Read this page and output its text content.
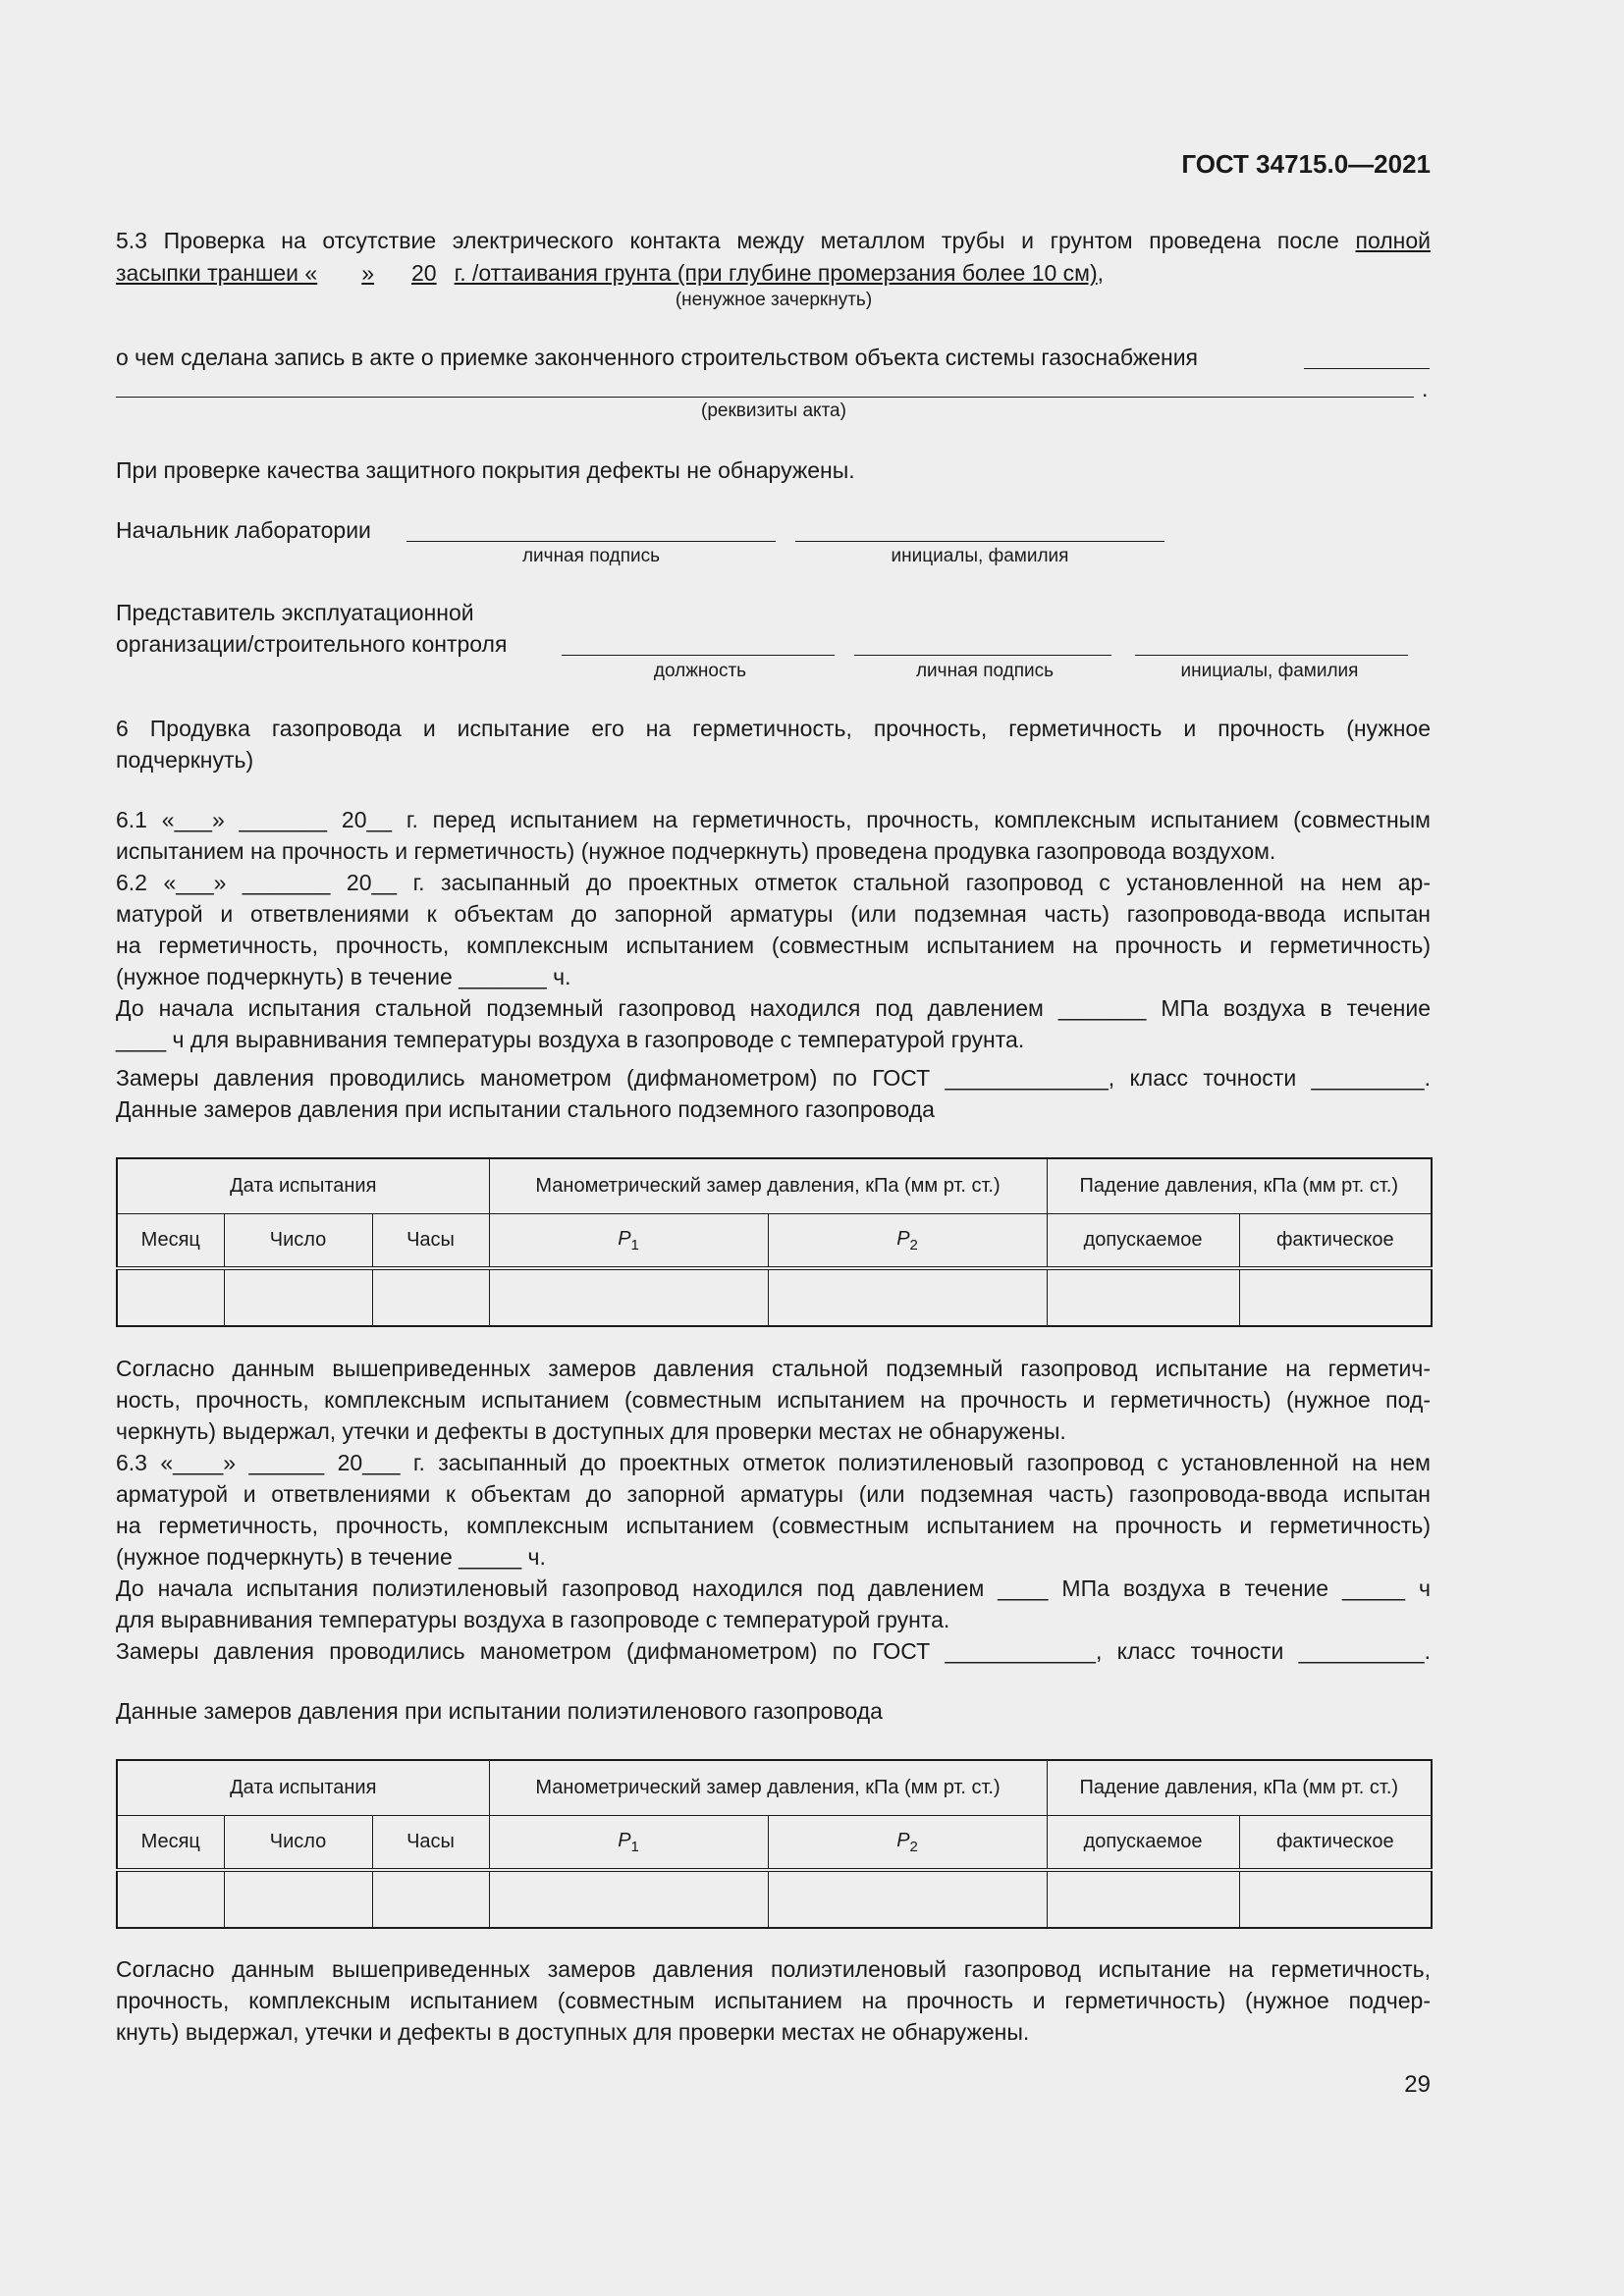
ГОСТ 34715.0—2021
5.3 Проверка на отсутствие электрического контакта между металлом трубы и грунтом проведена после полной
засыпки траншеи « » 20 г. /оттаивания грунта (при глубине промерзания более 10 см),
(ненужное зачеркнуть)
о чем сделана запись в акте о приемке законченного строительством объекта системы газоснабжения
.
(реквизиты акта)
При проверке качества защитного покрытия дефекты не обнаружены.
Начальник лаборатории
личная подпись	инициалы, фамилия
Представитель эксплуатационной
организации/строительного контроля
должность	личная подпись	инициалы, фамилия
6 Продувка газопровода и испытание его на герметичность, прочность, герметичность и прочность (нужное
подчеркнуть)
6.1 «___» _______ 20__ г. перед испытанием на герметичность, прочность, комплексным испытанием (совместным
испытанием на прочность и герметичность) (нужное подчеркнуть) проведена продувка газопровода воздухом.
6.2 «___» _______ 20__ г. засыпанный до проектных отметок стальной газопровод с установленной на нем ар-
матурой и ответвлениями к объектам до запорной арматуры (или подземная часть) газопровода-ввода испытан
на герметичность, прочность, комплексным испытанием (совместным испытанием на прочность и герметичность)
(нужное подчеркнуть) в течение _______ ч.
До начала испытания стальной подземный газопровод находился под давлением _______ МПа воздуха в течение
____ ч для выравнивания температуры воздуха в газопроводе с температурой грунта.
Замеры давления проводились манометром (дифманометром) по ГОСТ _____________, класс точности _________.
Данные замеров давления при испытании стального подземного газопровода
Дата испытания			Манометрический замер давления, кПа (мм рт. ст.)		Падение давления, кПа (мм рт. ст.)	
Месяц	Число	Часы	$P_1$	$P_2$	допускаемое	фактическое

Согласно данным вышеприведенных замеров давления стальной подземный газопровод испытание на герметич-
ность, прочность, комплексным испытанием (совместным испытанием на прочность и герметичность) (нужное под-
черкнуть) выдержал, утечки и дефекты в доступных для проверки местах не обнаружены.
6.3 «____» ______ 20___ г. засыпанный до проектных отметок полиэтиленовый газопровод с установленной на нем
арматурой и ответвлениями к объектам до запорной арматуры (или подземная часть) газопровода-ввода испытан
на герметичность, прочность, комплексным испытанием (совместным испытанием на прочность и герметичность)
(нужное подчеркнуть) в течение _____ ч.
До начала испытания полиэтиленовый газопровод находился под давлением ____ МПа воздуха в течение _____ ч
для выравнивания температуры воздуха в газопроводе с температурой грунта.
Замеры давления проводились манометром (дифманометром) по ГОСТ ____________, класс точности __________.
Данные замеров давления при испытании полиэтиленового газопровода
Дата испытания			Манометрический замер давления, кПа (мм рт. ст.)		Падение давления, кПа (мм рт. ст.)	
Месяц	Число	Часы	$P_1$	$P_2$	допускаемое	фактическое

Согласно данным вышеприведенных замеров давления полиэтиленовый газопровод испытание на герметичность,
прочность, комплексным испытанием (совместным испытанием на прочность и герметичность) (нужное подчер-
кнуть) выдержал, утечки и дефекты в доступных для проверки местах не обнаружены.
29
